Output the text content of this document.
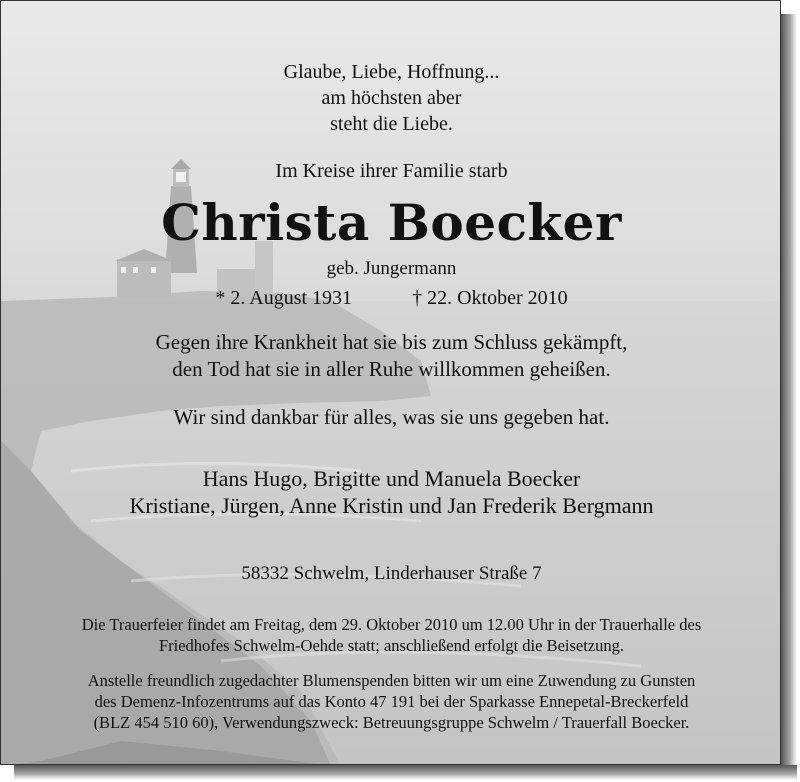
Glaube, Liebe, Hoffnung...
am höchsten aber
steht die Liebe.
Im Kreise ihrer Familie starb
Christa Boecker
geb. Jungermann
* 2. August 1931	† 22. Oktober 2010
Gegen ihre Krankheit hat sie bis zum Schluss gekämpft,
den Tod hat sie in aller Ruhe willkommen geheißen.
Wir sind dankbar für alles, was sie uns gegeben hat.
Hans Hugo, Brigitte und Manuela Boecker
Kristiane, Jürgen, Anne Kristin und Jan Frederik Bergmann
58332 Schwelm, Linderhauser Straße 7
Die Trauerfeier findet am Freitag, dem 29. Oktober 2010 um 12.00 Uhr in der Trauerhalle des
Friedhofes Schwelm-Oehde statt; anschließend erfolgt die Beisetzung.
Anstelle freundlich zugedachter Blumenspenden bitten wir um eine Zuwendung zu Gunsten
des Demenz-Infozentrums auf das Konto 47 191 bei der Sparkasse Ennepetal-Breckerfeld
(BLZ 454 510 60), Verwendungszweck: Betreuungsgruppe Schwelm / Trauerfall Boecker.
